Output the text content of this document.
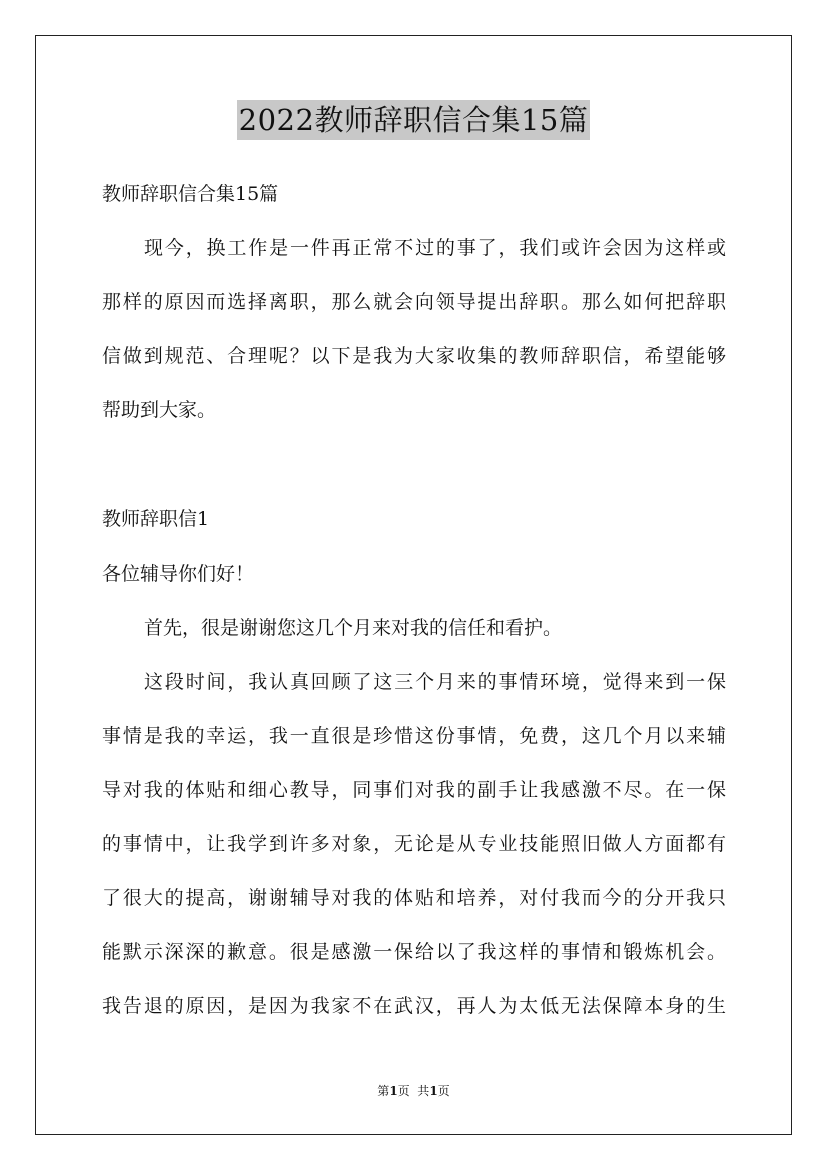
2022教师辞职信合集15篇
教师辞职信合集15篇
现今，换工作是一件再正常不过的事了，我们或许会因为这样或
那样的原因而选择离职，那么就会向领导提出辞职。那么如何把辞职
信做到规范、合理呢？以下是我为大家收集的教师辞职信，希望能够
帮助到大家。
教师辞职信1
各位辅导你们好！
首先，很是谢谢您这几个月来对我的信任和看护。
这段时间，我认真回顾了这三个月来的事情环境，觉得来到一保
事情是我的幸运，我一直很是珍惜这份事情，免费，这几个月以来辅
导对我的体贴和细心教导，同事们对我的副手让我感激不尽。在一保
的事情中，让我学到许多对象，无论是从专业技能照旧做人方面都有
了很大的提高，谢谢辅导对我的体贴和培养，对付我而今的分开我只
能默示深深的歉意。很是感激一保给以了我这样的事情和锻炼机会。
我告退的原因，是因为我家不在武汉，再人为太低无法保障本身的生
第1页  共1页
